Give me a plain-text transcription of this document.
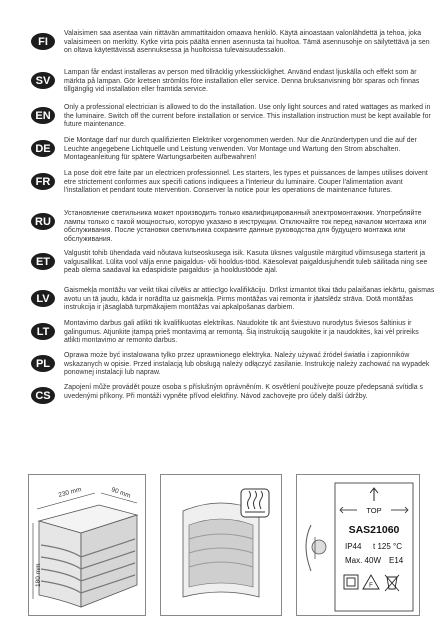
FI
Valaisimen saa asentaa vain riittävän ammattitaidon omaava henkilö. Käytä ainoastaan valonlähdettä ja tehoa, joka valaisimeen on merkitty. Kytke virta pois päältä ennen asennusta tai huoltoa. Tämä asennusohje on säilytettävä ja sen on oltava käytettävissä asennuksessa ja huoltoissa tulevaisuudessakin.
SV
Lampan får endast installeras av person med tillräcklig yrkesskicklighet. Använd endast ljuskälla och effekt som är märkta på lampan. Gör kretsen strömlös före installation eller service. Denna bruksanvisning bör sparas och finnas tillgänglig vid installation eller framtida service.
EN
Only a professional electrician is allowed to do the installation. Use only light sources and rated wattages as marked in the luminaire. Switch off the current before installation or service. This installation instruction must be kept available for future maintenance.
DE
Die Montage darf nur durch qualifizierten Elektriker vorgenommen werden. Nur die Anzündertypen und die auf der Leuchte angegebene Lichtquelle und Leistung verwenden. Vor Montage und Wartung den Strom abschalten. Montageanleitung für spätere Wartungsarbeiten aufbewahren!
FR
La pose doit etre faite par un electricen professionnel. Les starters, les types et puissances de lampes utilises doivent etre strictement conformes aux specifi cations indiquees a l'interieur du luminaire. Couper l'alimentation avant l'installation et pendant toute ntervention. Conserver la notice pour les operations de maintenance futures.
RU
Установление светильника может производить только квалифицированный электромонтажник. Употребляйте лампы только с такой мощностью, которую указано в инструкции. Отключайте ток перед началом монтажа или обслуживания. После установки светильника сохраните данные руководства для будущего монтажа или обслуживания.
ET
Valgustit tohib ühendada vaid nõutava kutseoskusega isik. Kasuta üksnes valgustile märgitud võimsusega starterit ja valgusallikat. Lülita vool välja enne paigaldus- või hooldus-tööd. Käesolevat paigaldusjuhendit tuleb säilitada ning see peab olema saadaval ka edaspidiste paigaldus- ja hooldustööde ajal.
LV
Gaismekļa montāžu var veikt tikai cilvēks ar attiecīgo kvalifikāciju. Drīkst izmantot tikai tādu palaišanas iekārtu, gaismas avotu un tā jaudu, kāda ir norādīta uz gaismekļa. Pirms montāžas vai remonta ir jāatslēdz strāva. Dotā montāžas instrukcija ir jāsaglabā turpmākajiem montāžas vai apkalpošanas darbiem.
LT
Montavimo darbus gali atlikti tik kvalifikuotas elektrikas. Naudokite tik ant šviestuvo nurodytus šviesos šaltinius ir galingumus. Atjunkite įtampą prieš montavimą ar remontą. Šią instrukciją saugokite ir ja naudokitės, kai vėl prireiks atlikti montavimo ar remonto darbus.
PL
Oprawa może być instalowana tylko przez uprawnionego elektryka. Należy używać źródeł światła i zapionników wskazanych w opisie. Przed instalacją lub obsługą należy odłączyć zasilanie. Instrukcję należy zachować na wypadek ponownej instalacji lub napraw.
CS
Zapojení může provádět pouze osoba s příslušným oprávněním. K osvětlení používejte pouze předepsaná svítidla s uvedenými příkony. Při montáži vypněte přívod elektřiny. Návod zachovejte pro účely další údržby.
230 mm	90 mm
180 mm
TOP
SAS21060
IP44 t 125 °C
Max. 40W E14
F
